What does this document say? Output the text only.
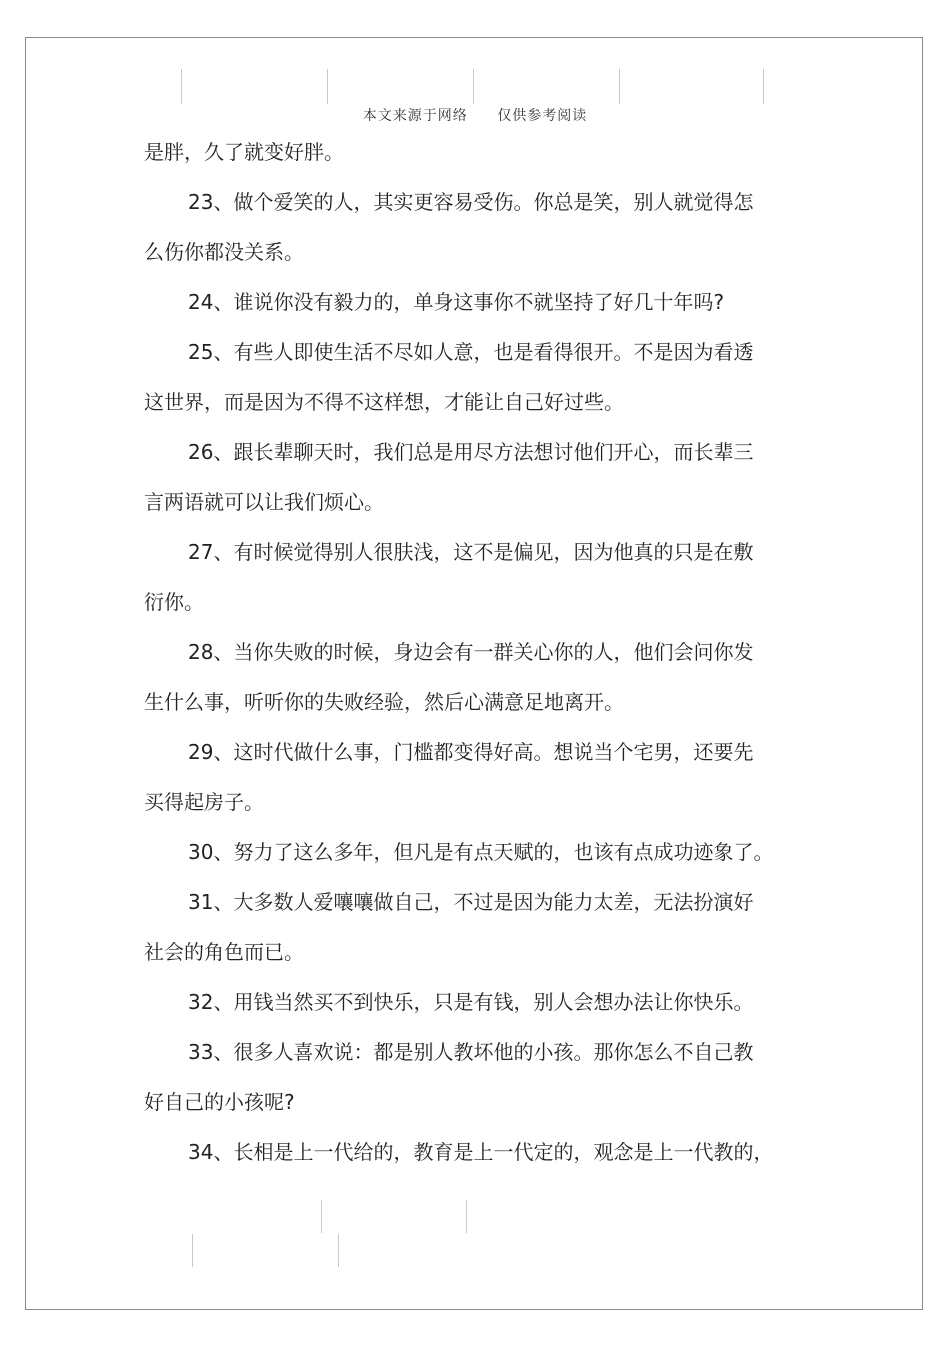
本文来源于网络 仅供参考阅读
是胖，久了就变好胖。
23、做个爱笑的人，其实更容易受伤。你总是笑，别人就觉得怎
么伤你都没关系。
24、谁说你没有毅力的，单身这事你不就坚持了好几十年吗?
25、有些人即使生活不尽如人意，也是看得很开。不是因为看透
这世界，而是因为不得不这样想，才能让自己好过些。
26、跟长辈聊天时，我们总是用尽方法想讨他们开心，而长辈三
言两语就可以让我们烦心。
27、有时候觉得别人很肤浅，这不是偏见，因为他真的只是在敷
衍你。
28、当你失败的时候，身边会有一群关心你的人，他们会问你发
生什么事，听听你的失败经验，然后心满意足地离开。
29、这时代做什么事，门槛都变得好高。想说当个宅男，还要先
买得起房子。
30、努力了这么多年，但凡是有点天赋的，也该有点成功迹象了。
31、大多数人爱嚷嚷做自己，不过是因为能力太差，无法扮演好
社会的角色而已。
32、用钱当然买不到快乐，只是有钱，别人会想办法让你快乐。
33、很多人喜欢说：都是别人教坏他的小孩。那你怎么不自己教
好自己的小孩呢?
34、长相是上一代给的，教育是上一代定的，观念是上一代教的，
